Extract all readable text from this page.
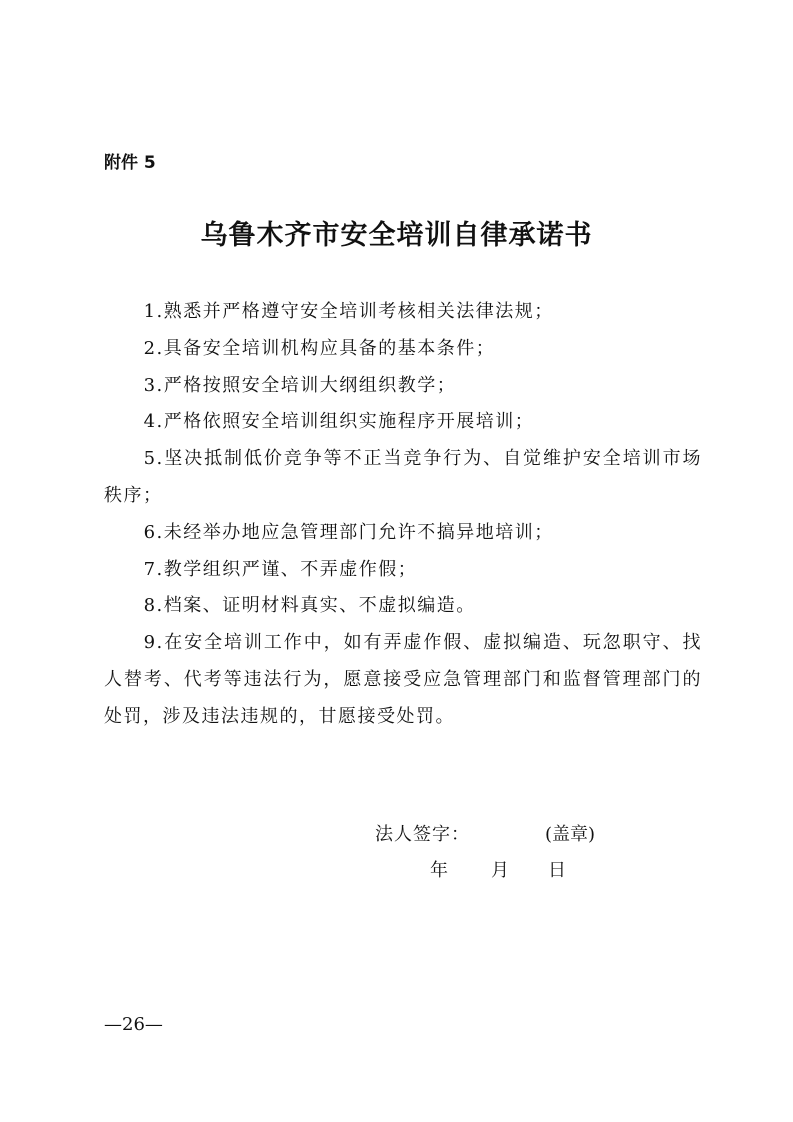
附件 5
乌鲁木齐市安全培训自律承诺书

1.熟悉并严格遵守安全培训考核相关法律法规；

2.具备安全培训机构应具备的基本条件；

3.严格按照安全培训大纲组织教学；

4.严格依照安全培训组织实施程序开展培训；

5.坚决抵制低价竞争等不正当竞争行为、自觉维护安全培训市场秩序；

6.未经举办地应急管理部门允许不搞异地培训；

7.教学组织严谨、不弄虚作假；

8.档案、证明材料真实、不虚拟编造。

9.在安全培训工作中，如有弄虚作假、虚拟编造、玩忽职守、找人替考、代考等违法行为，愿意接受应急管理部门和监督管理部门的处罚，涉及违法违规的，甘愿接受处罚。

法人签字：	(盖章)
年 月 日
—26—
